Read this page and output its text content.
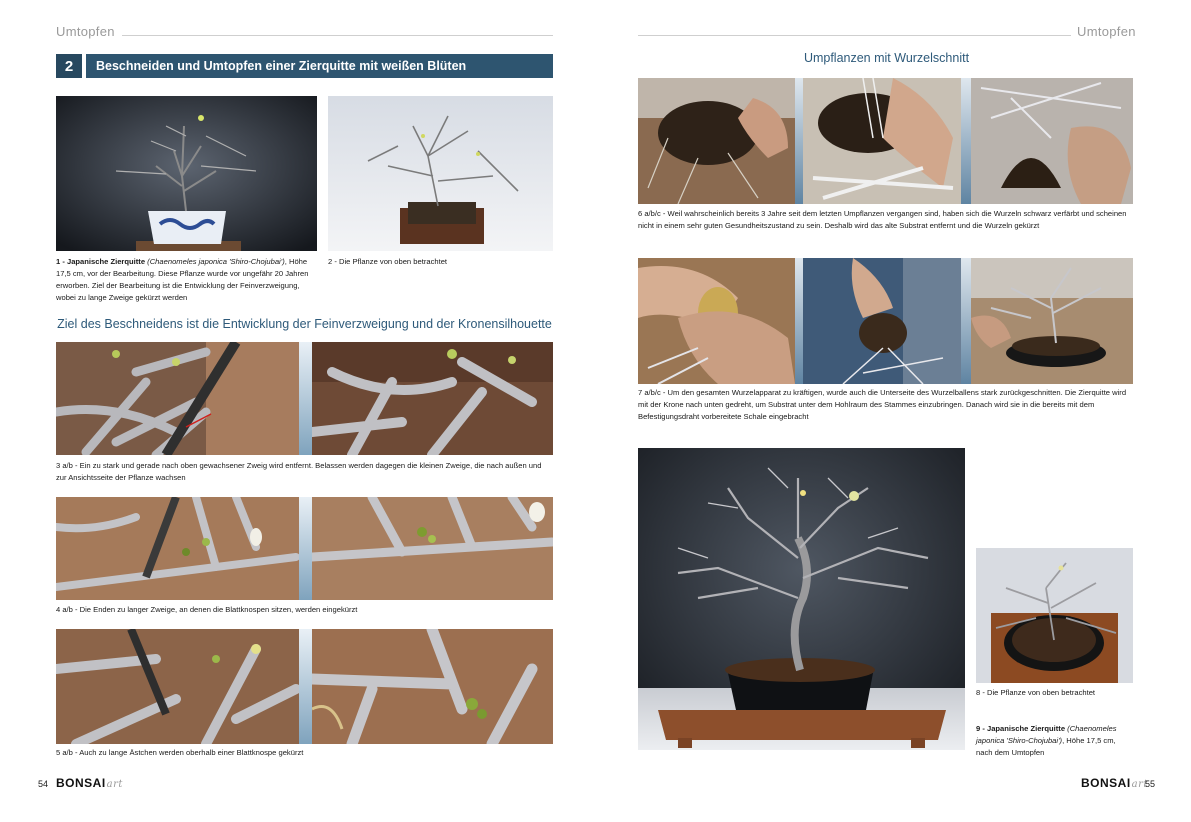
Umtopfen
2	Beschneiden und Umtopfen einer Zierquitte mit weißen Blüten
1 - Japanische Zierquitte (Chaenomeles japonica 'Shiro-Chojubai'), Höhe 17,5 cm, vor der Bearbeitung. Diese Pflanze wurde vor ungefähr 20 Jahren erworben. Ziel der Bearbeitung ist die Entwicklung der Feinverzweigung, wobei zu lange Zweige gekürzt werden
2 - Die Pflanze von oben betrachtet
Ziel des Beschneidens ist die Entwicklung der Feinverzweigung und der Kronensilhouette
3 a/b - Ein zu stark und gerade nach oben gewachsener Zweig wird entfernt. Belassen werden dagegen die kleinen Zweige, die nach außen und zur Ansichtsseite der Pflanze wachsen
4 a/b - Die Enden zu langer Zweige, an denen die Blattknospen sitzen, werden eingekürzt
5 a/b - Auch zu lange Ästchen werden oberhalb einer Blattknospe gekürzt
54 BONSAIart
Umtopfen
Umpflanzen mit Wurzelschnitt
6 a/b/c - Weil wahrscheinlich bereits 3 Jahre seit dem letzten Umpflanzen vergangen sind, haben sich die Wurzeln schwarz verfärbt und scheinen nicht in einem sehr guten Gesundheitszustand zu sein. Deshalb wird das alte Substrat entfernt und die Wurzeln gekürzt
7 a/b/c - Um den gesamten Wurzelapparat zu kräftigen, wurde auch die Unterseite des Wurzelballens stark zurückgeschnitten. Die Zierquitte wird mit der Krone nach unten gedreht, um Substrat unter dem Hohlraum des Stammes einzubringen. Danach wird sie in die bereits mit dem Befestigungsdraht vorbereitete Schale eingebracht
8 - Die Pflanze von oben betrachtet
9 - Japanische Zierquitte (Chaenomeles japonica 'Shiro-Chojubai'), Höhe 17,5 cm, nach dem Umtopfen
BONSAIart
55
